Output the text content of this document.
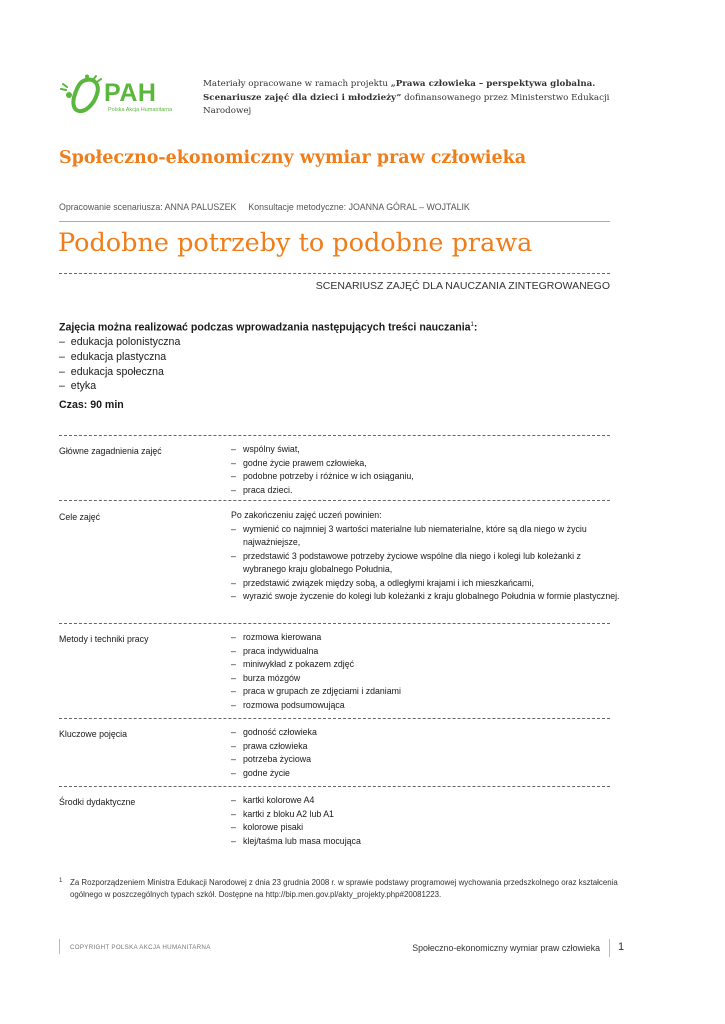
PAH
Polska Akcja Humanitarna
Materiały opracowane w ramach projektu „Prawa człowieka – perspektywa globalna. Scenariusze zajęć dla dzieci i młodzieży” dofinansowanego przez Ministerstwo Edukacji Narodowej
Społeczno-ekonomiczny wymiar praw człowieka
Opracowanie scenariusza: ANNA PALUSZEK Konsultacje metodyczne: JOANNA GÓRAL – WOJTALIK
Podobne potrzeby to podobne prawa
SCENARIUSZ ZAJĘĆ DLA NAUCZANIA ZINTEGROWANEGO
Zajęcia można realizować podczas wprowadzania następujących treści nauczania$^1$:
– edukacja polonistyczna
– edukacja plastyczna
– edukacja społeczna
– etyka
Czas: 90 min
Główne zagadnienia zajęć	– wspólny świat,
– godne życie prawem człowieka,
– podobne potrzeby i różnice w ich osiąganiu,
– praca dzieci.
Cele zajęć	Po zakończeniu zajęć uczeń powinien:
– wymienić co najmniej 3 wartości materialne lub niematerialne, które są dla niego w życiu najważniejsze,
– przedstawić 3 podstawowe potrzeby życiowe wspólne dla niego i kolegi lub koleżanki z wybranego kraju globalnego Południa,
– przedstawić związek między sobą, a odległymi krajami i ich mieszkańcami,
– wyrazić swoje życzenie do kolegi lub koleżanki z kraju globalnego Południa w formie plastycznej.
Metody i techniki pracy	– rozmowa kierowana
– praca indywidualna
– miniwykład z pokazem zdjęć
– burza mózgów
– praca w grupach ze zdjęciami i zdaniami
– rozmowa podsumowująca
Kluczowe pojęcia	– godność człowieka
– prawa człowieka
– potrzeba życiowa
– godne życie
Środki dydaktyczne	– kartki kolorowe A4
– kartki z bloku A2 lub A1
– kolorowe pisaki
– klej/taśma lub masa mocująca
1 Za Rozporządzeniem Ministra Edukacji Narodowej z dnia 23 grudnia 2008 r. w sprawie podstawy programowej wychowania przedszkolnego oraz kształcenia ogólnego w poszczególnych typach szkół. Dostępne na http://bip.men.gov.pl/akty_projekty.php#20081223.
COPYRIGHT POLSKA AKCJA HUMANITARNA	Społeczno-ekonomiczny wymiar praw człowieka 1
